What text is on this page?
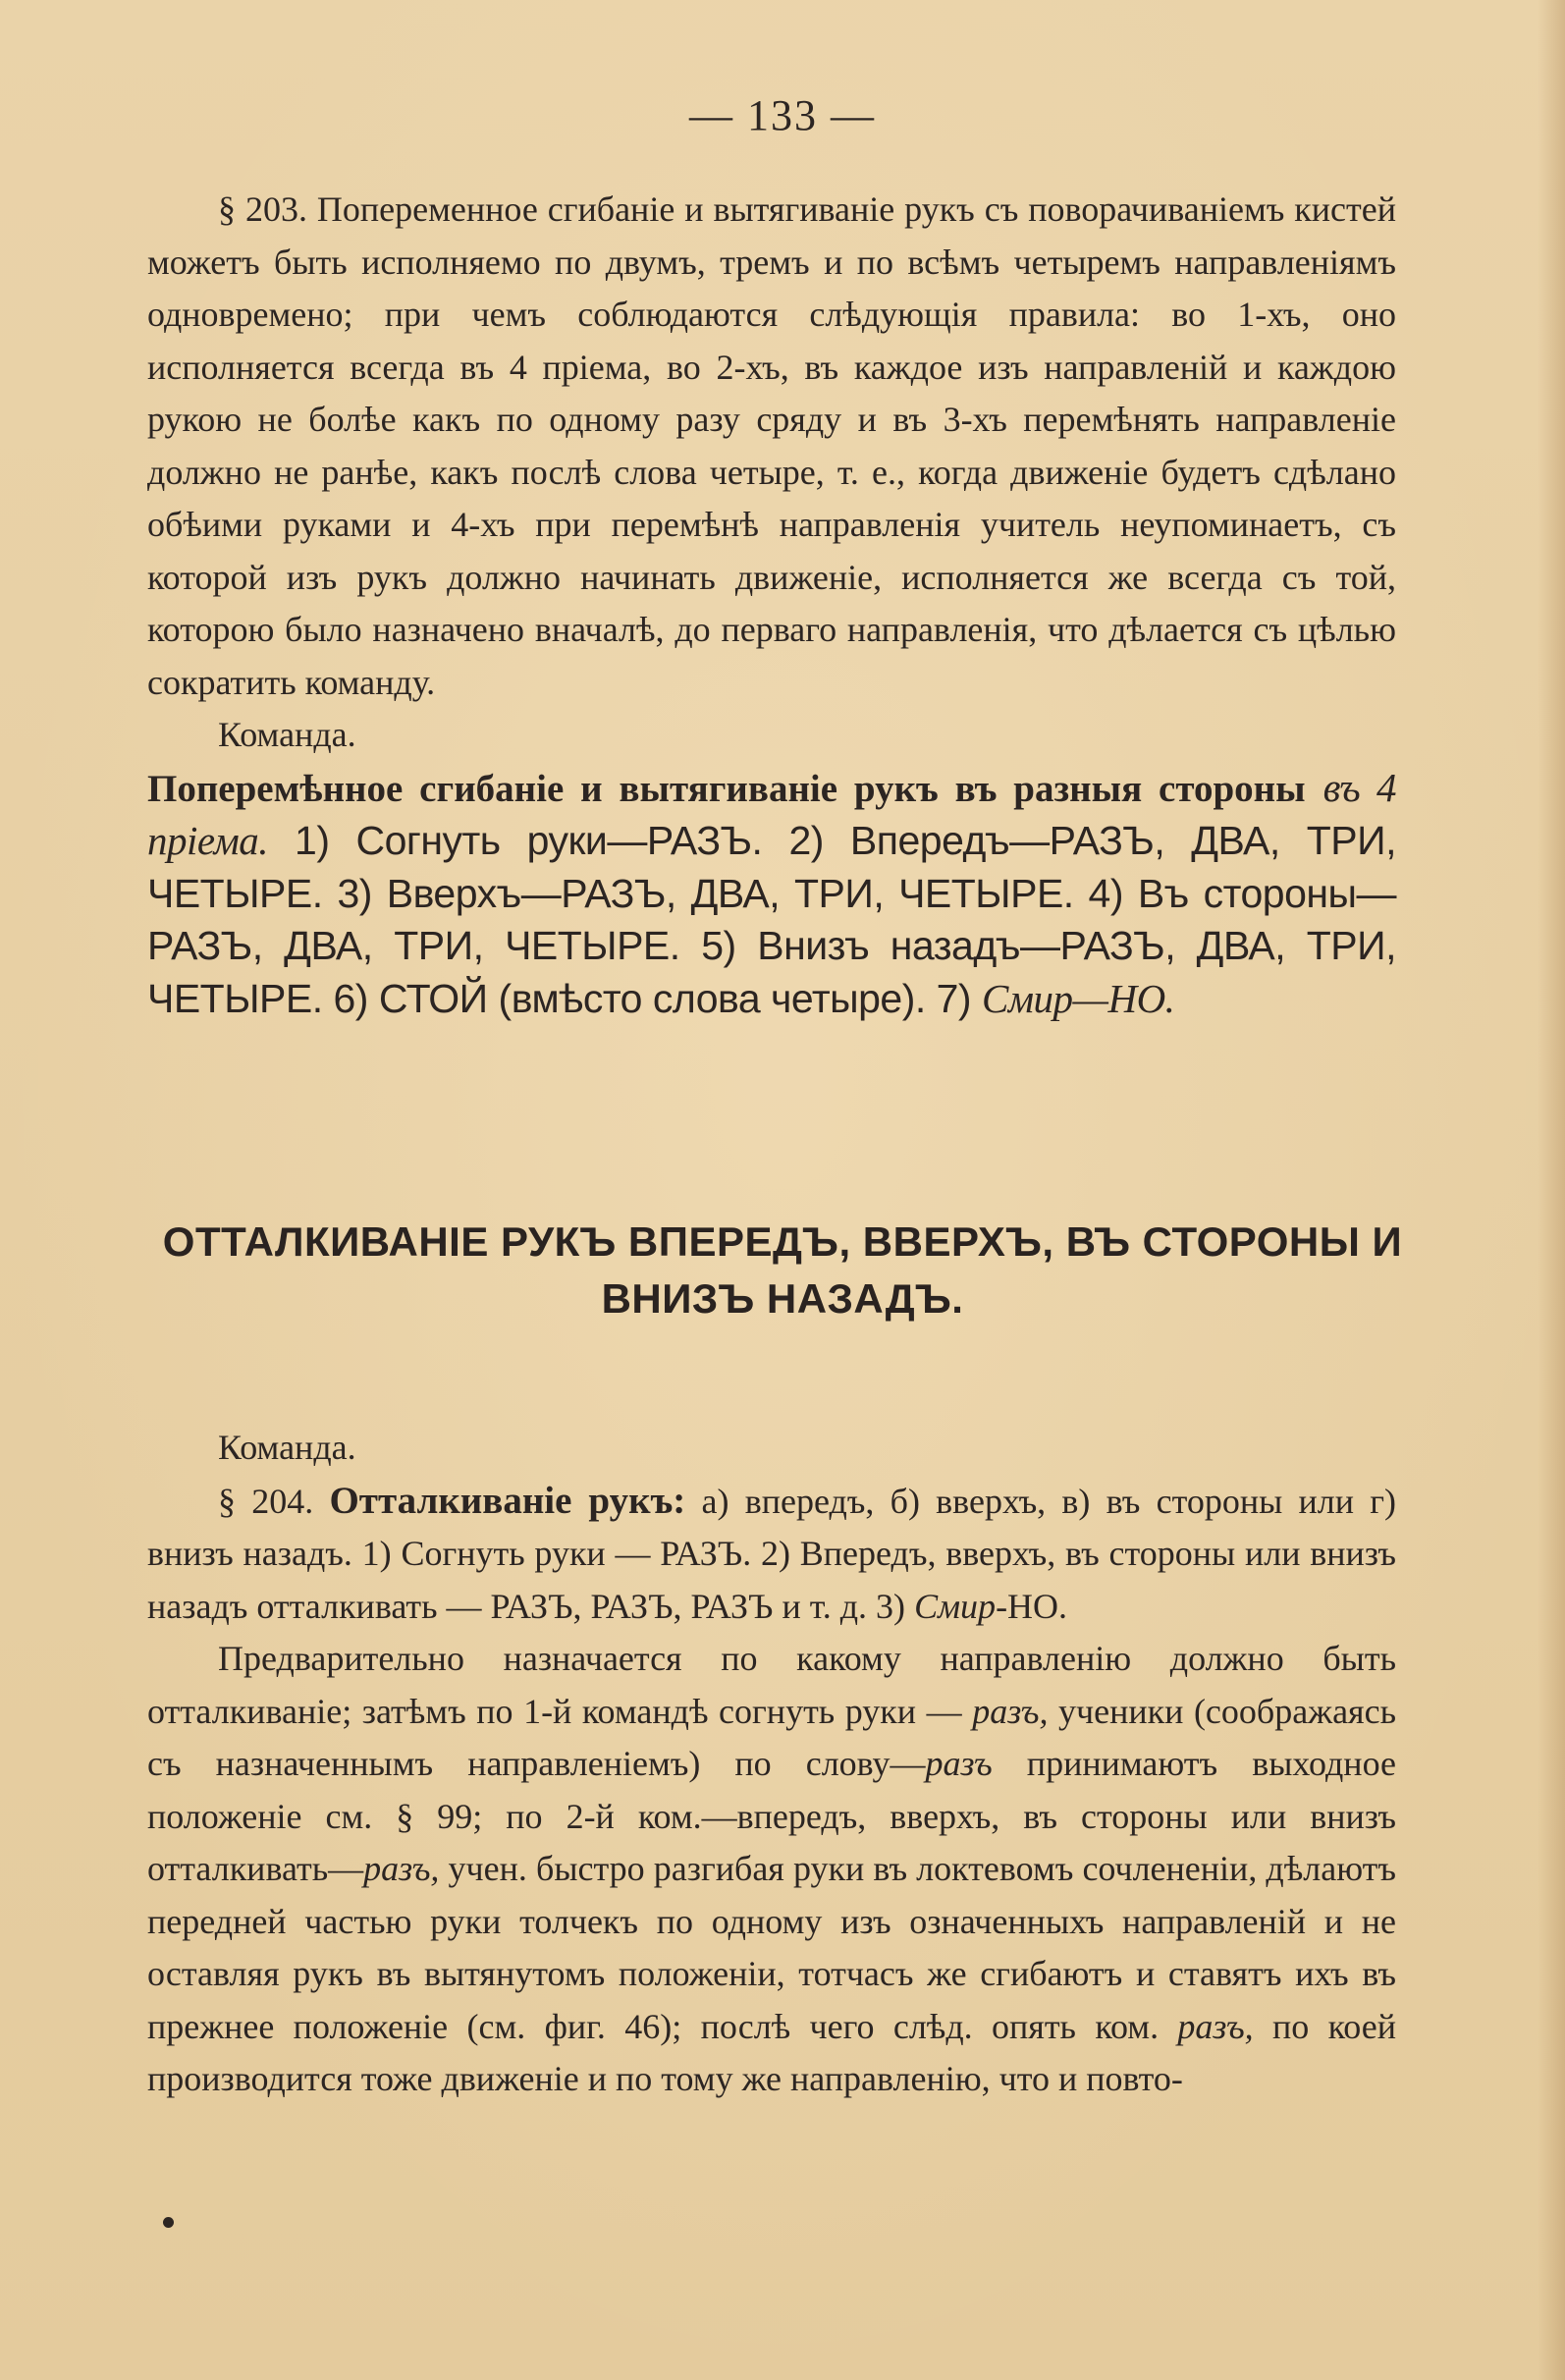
— 133 —

§ 203. Попеременное сгибаніе и вытягиваніе рукъ съ поворачиваніемъ кистей можетъ быть исполняемо по двумъ, тремъ и по всѣмъ четыремъ направленіямъ одновремено; при чемъ соблюдаются слѣдующія правила: во 1-хъ, оно исполняется всегда въ 4 пріема, во 2-хъ, въ каждое изъ направленій и каждою рукою не болѣе какъ по одному разу сряду и въ 3-хъ перемѣнять направленіе должно не ранѣе, какъ послѣ слова четыре, т. е., когда движеніе будетъ сдѣлано обѣими руками и 4-хъ при перемѣнѣ направленія учитель неупоминаетъ, съ которой изъ рукъ должно начинать движеніе, исполняется же всегда съ той, которою было назначено вначалѣ, до перваго направленія, что дѣлается съ цѣлью сократить команду.

Команда.

Поперемѣнное сгибаніе и вытягиваніе рукъ въ разныя стороны въ 4 пріема. 1) Согнуть руки—РАЗЪ. 2) Впередъ—РАЗЪ, ДВА, ТРИ, ЧЕТЫРЕ. 3) Вверхъ—РАЗЪ, ДВА, ТРИ, ЧЕТЫРЕ. 4) Въ стороны—РАЗЪ, ДВА, ТРИ, ЧЕТЫРЕ. 5) Внизъ назадъ—РАЗЪ, ДВА, ТРИ, ЧЕТЫРЕ. 6) СТОЙ (вмѣсто слова четыре). 7) Смир—НО.

ОТТАЛКИВАНІЕ РУКЪ ВПЕРЕДЪ, ВВЕРХЪ, ВЪ СТОРОНЫ И ВНИЗЪ НАЗАДЪ.

Команда.

§ 204. Отталкиваніе рукъ: а) впередъ, б) вверхъ, в) въ стороны или г) внизъ назадъ. 1) Согнуть руки — РАЗЪ. 2) Впередъ, вверхъ, въ стороны или внизъ назадъ отталкивать — РАЗЪ, РАЗЪ, РАЗЪ и т. д. 3) Смир-НО.

Предварительно назначается по какому направленію должно быть отталкиваніе; затѣмъ по 1-й командѣ согнуть руки — разъ, ученики (соображаясь съ назначеннымъ направленіемъ) по слову—разъ принимаютъ выходное положеніе см. § 99; по 2-й ком.—впередъ, вверхъ, въ стороны или внизъ отталкивать—разъ, учен. быстро разгибая руки въ локтевомъ сочлененіи, дѣлаютъ передней частью руки толчекъ по одному изъ означенныхъ направленій и не оставляя рукъ въ вытянутомъ положеніи, тотчасъ же сгибаютъ и ставятъ ихъ въ прежнее положеніе (см. фиг. 46); послѣ чего слѣд. опять ком. разъ, по коей производится тоже движеніе и по тому же направленію, что и повто-
